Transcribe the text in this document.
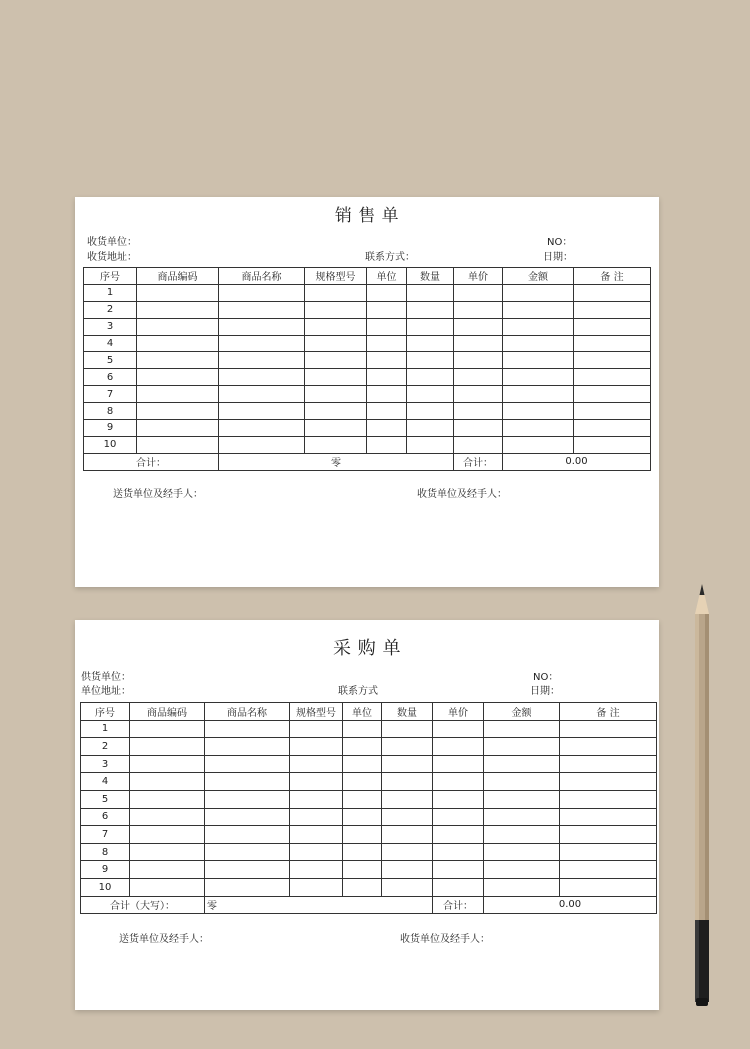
销 售 单
收货单位：
收货地址：	联系方式：
NO：
日期：
序号	商品编码	商品名称	规格型号	单位	数量	单价	金额	备 注
1								
2								
3								
4								
5								
6								
7								
8								
9								
10								
合计：		零				合计：	0.00	
送货单位及经手人：	收货单位及经手人：
采 购 单
供货单位：
单位地址：	联系方式
NO：
日期：
序号	商品编码	商品名称	规格型号	单位	数量	单价	金额	备 注
1								
2								
3								
4								
5								
6								
7								
8								
9								
10								
合计（大写）：		零				合计：	0.00	
送货单位及经手人：	收货单位及经手人：
